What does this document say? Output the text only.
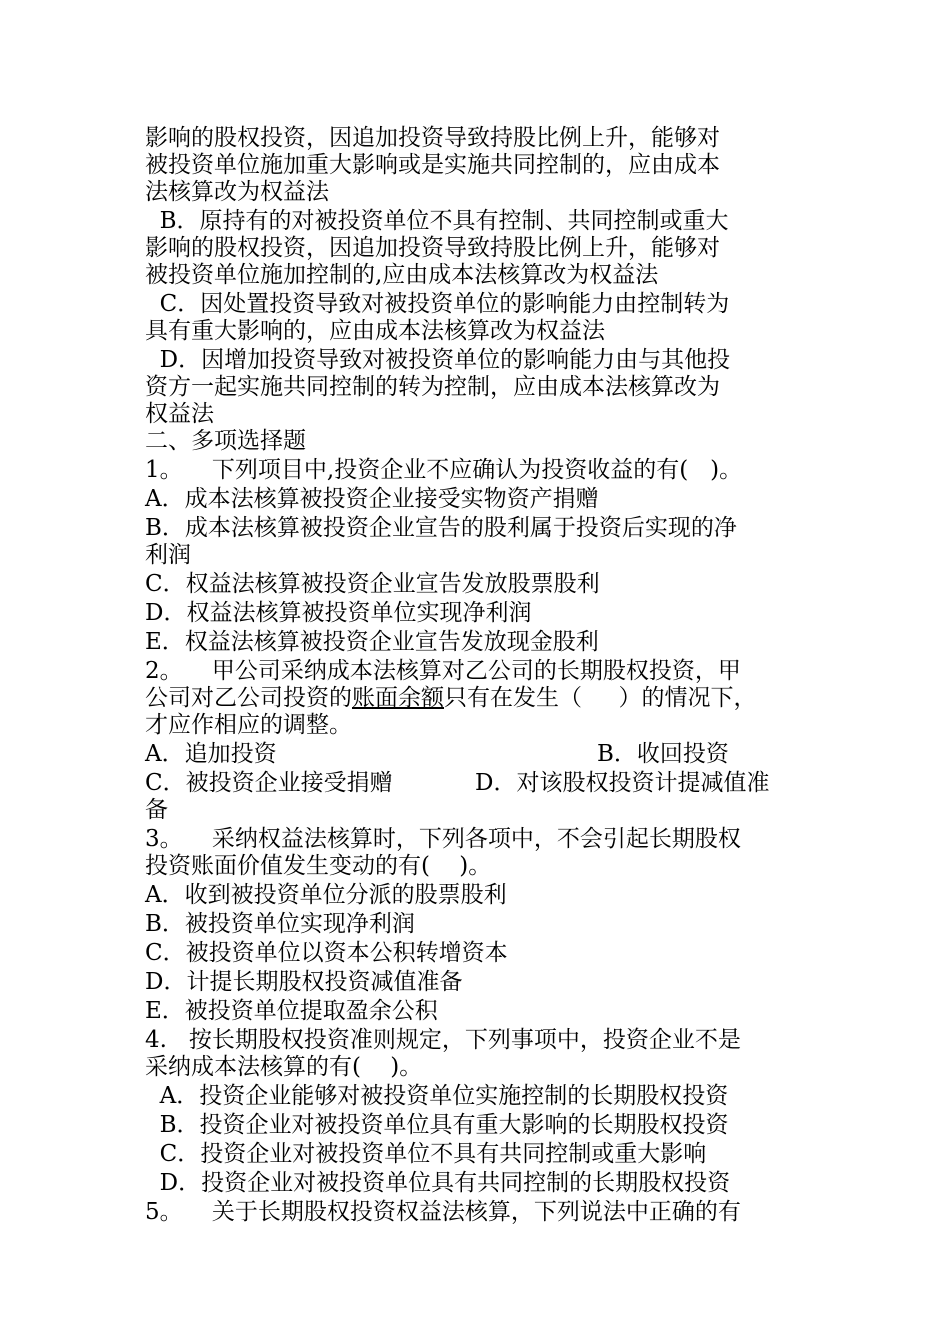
影响的股权投资，因追加投资导致持股比例上升，能够对
被投资单位施加重大影响或是实施共同控制的，应由成本
法核算改为权益法
B．原持有的对被投资单位不具有控制、共同控制或重大
影响的股权投资，因追加投资导致持股比例上升，能够对
被投资单位施加控制的,应由成本法核算改为权益法
C．因处置投资导致对被投资单位的影响能力由控制转为
具有重大影响的，应由成本法核算改为权益法
D．因增加投资导致对被投资单位的影响能力由与其他投
资方一起实施共同控制的转为控制，应由成本法核算改为
权益法
二、多项选择题
1。    下列项目中,投资企业不应确认为投资收益的有(   )。
A．成本法核算被投资企业接受实物资产捐赠
B．成本法核算被投资企业宣告的股利属于投资后实现的净
利润
C．权益法核算被投资企业宣告发放股票股利
D．权益法核算被投资单位实现净利润
E．权益法核算被投资企业宣告发放现金股利
2。    甲公司采纳成本法核算对乙公司的长期股权投资，甲
公司对乙公司投资的账面余额只有在发生（     ）的情况下，
才应作相应的调整。
A．追加投资	B．收回投资
C．被投资企业接受捐赠	D．对该股权投资计提减值准
备
3。    采纳权益法核算时，下列各项中，不会引起长期股权
投资账面价值发生变动的有(    )。
A．收到被投资单位分派的股票股利
B．被投资单位实现净利润
C．被投资单位以资本公积转增资本
D．计提长期股权投资减值准备
E．被投资单位提取盈余公积
4.   按长期股权投资准则规定，下列事项中，投资企业不是
采纳成本法核算的有(    )。
A．投资企业能够对被投资单位实施控制的长期股权投资
B．投资企业对被投资单位具有重大影响的长期股权投资
C．投资企业对被投资单位不具有共同控制或重大影响
D．投资企业对被投资单位具有共同控制的长期股权投资
5。    关于长期股权投资权益法核算，下列说法中正确的有
